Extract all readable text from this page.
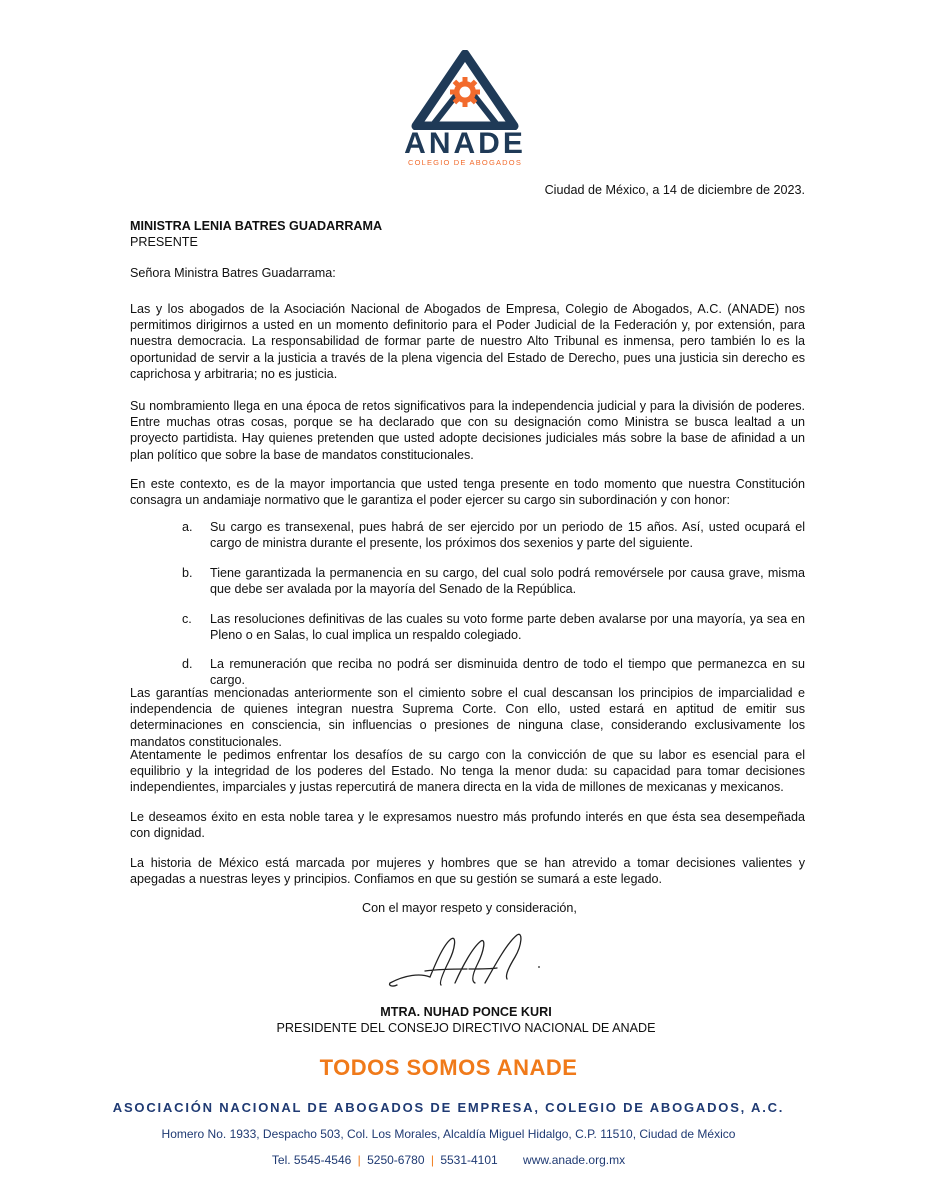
ANADE
COLEGIO DE ABOGADOS
Ciudad de México, a 14 de diciembre de 2023.
MINISTRA LENIA BATRES GUADARRAMA
PRESENTE
Señora Ministra Batres Guadarrama:
Las y los abogados de la Asociación Nacional de Abogados de Empresa, Colegio de Abogados, A.C. (ANADE) nos permitimos dirigirnos a usted en un momento definitorio para el Poder Judicial de la Federación y, por extensión, para nuestra democracia. La responsabilidad de formar parte de nuestro Alto Tribunal es inmensa, pero también lo es la oportunidad de servir a la justicia a través de la plena vigencia del Estado de Derecho, pues una justicia sin derecho es caprichosa y arbitraria; no es justicia.
Su nombramiento llega en una época de retos significativos para la independencia judicial y para la división de poderes. Entre muchas otras cosas, porque se ha declarado que con su designación como Ministra se busca lealtad a un proyecto partidista. Hay quienes pretenden que usted adopte decisiones judiciales más sobre la base de afinidad a un plan político que sobre la base de mandatos constitucionales.
En este contexto, es de la mayor importancia que usted tenga presente en todo momento que nuestra Constitución consagra un andamiaje normativo que le garantiza el poder ejercer su cargo sin subordinación y con honor:
a. Su cargo es transexenal, pues habrá de ser ejercido por un periodo de 15 años. Así, usted ocupará el cargo de ministra durante el presente, los próximos dos sexenios y parte del siguiente.
b. Tiene garantizada la permanencia en su cargo, del cual solo podrá removérsele por causa grave, misma que debe ser avalada por la mayoría del Senado de la República.
c. Las resoluciones definitivas de las cuales su voto forme parte deben avalarse por una mayoría, ya sea en Pleno o en Salas, lo cual implica un respaldo colegiado.
d. La remuneración que reciba no podrá ser disminuida dentro de todo el tiempo que permanezca en su cargo.
Las garantías mencionadas anteriormente son el cimiento sobre el cual descansan los principios de imparcialidad e independencia de quienes integran nuestra Suprema Corte. Con ello, usted estará en aptitud de emitir sus determinaciones en consciencia, sin influencias o presiones de ninguna clase, considerando exclusivamente los mandatos constitucionales.
Atentamente le pedimos enfrentar los desafíos de su cargo con la convicción de que su labor es esencial para el equilibrio y la integridad de los poderes del Estado. No tenga la menor duda: su capacidad para tomar decisiones independientes, imparciales y justas repercutirá de manera directa en la vida de millones de mexicanas y mexicanos.
Le deseamos éxito en esta noble tarea y le expresamos nuestro más profundo interés en que ésta sea desempeñada con dignidad.
La historia de México está marcada por mujeres y hombres que se han atrevido a tomar decisiones valientes y apegadas a nuestras leyes y principios. Confiamos en que su gestión se sumará a este legado.
Con el mayor respeto y consideración,
MTRA. NUHAD PONCE KURI
PRESIDENTE DEL CONSEJO DIRECTIVO NACIONAL DE ANADE
TODOS SOMOS ANADE
ASOCIACIÓN NACIONAL DE ABOGADOS DE EMPRESA, COLEGIO DE ABOGADOS, A.C.
Homero No. 1933, Despacho 503, Col. Los Morales, Alcaldía Miguel Hidalgo, C.P. 11510, Ciudad de México
Tel. 5545-4546 | 5250-6780 | 5531-4101 www.anade.org.mx
